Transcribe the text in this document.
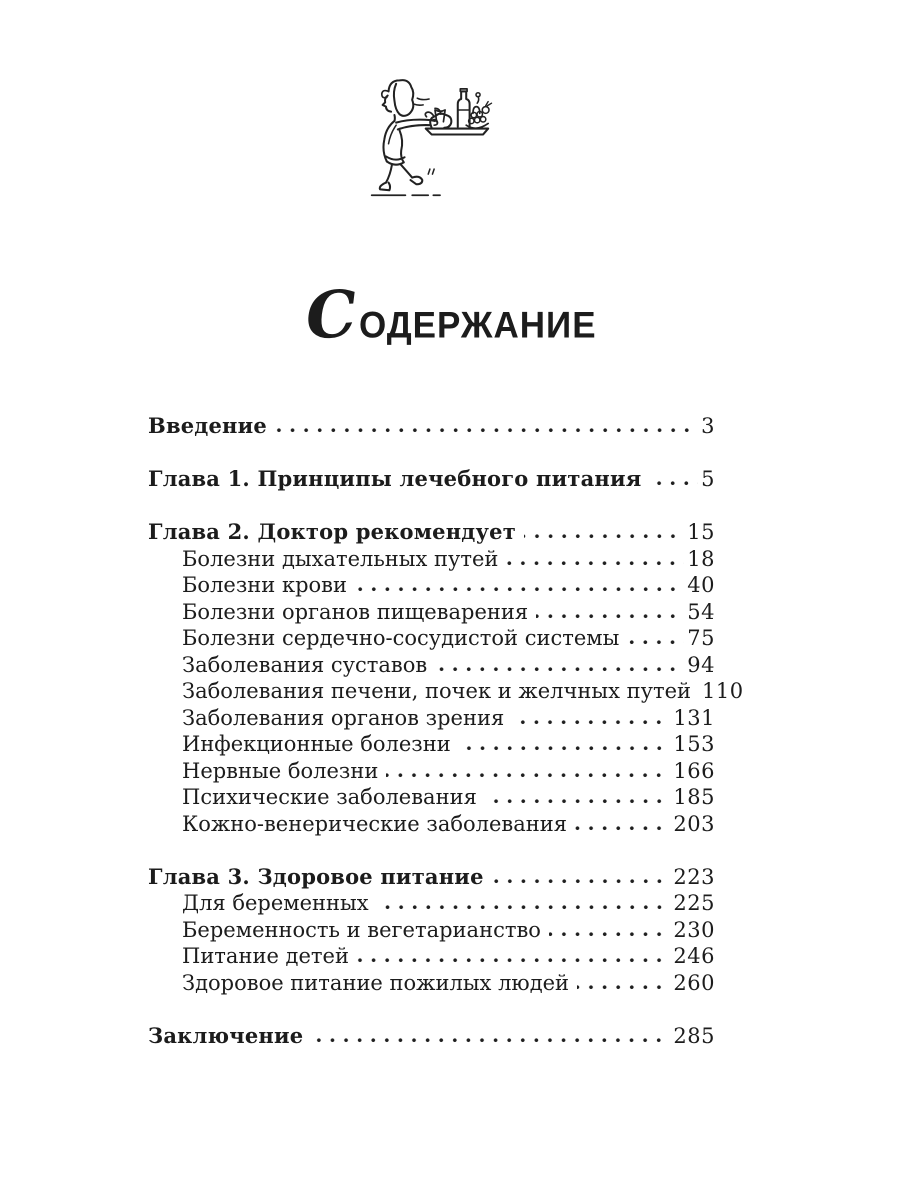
С ОДЕРЖАНИЕ
Введение	3
Глава 1. Принципы лечебного питания	5
Глава 2. Доктор рекомендует	15
Болезни дыхательных путей	18
Болезни крови	40
Болезни органов пищеварения	54
Болезни сердечно-сосудистой системы	75
Заболевания суставов	94
Заболевания печени, почек и желчных путей 110
Заболевания органов зрения	131
Инфекционные болезни	153
Нервные болезни	166
Психические заболевания	185
Кожно-венерические заболевания	203
Глава 3. Здоровое питание	223
Для беременных	225
Беременность и вегетарианство	230
Питание детей	246
Здоровое питание пожилых людей	260
Заключение	285
